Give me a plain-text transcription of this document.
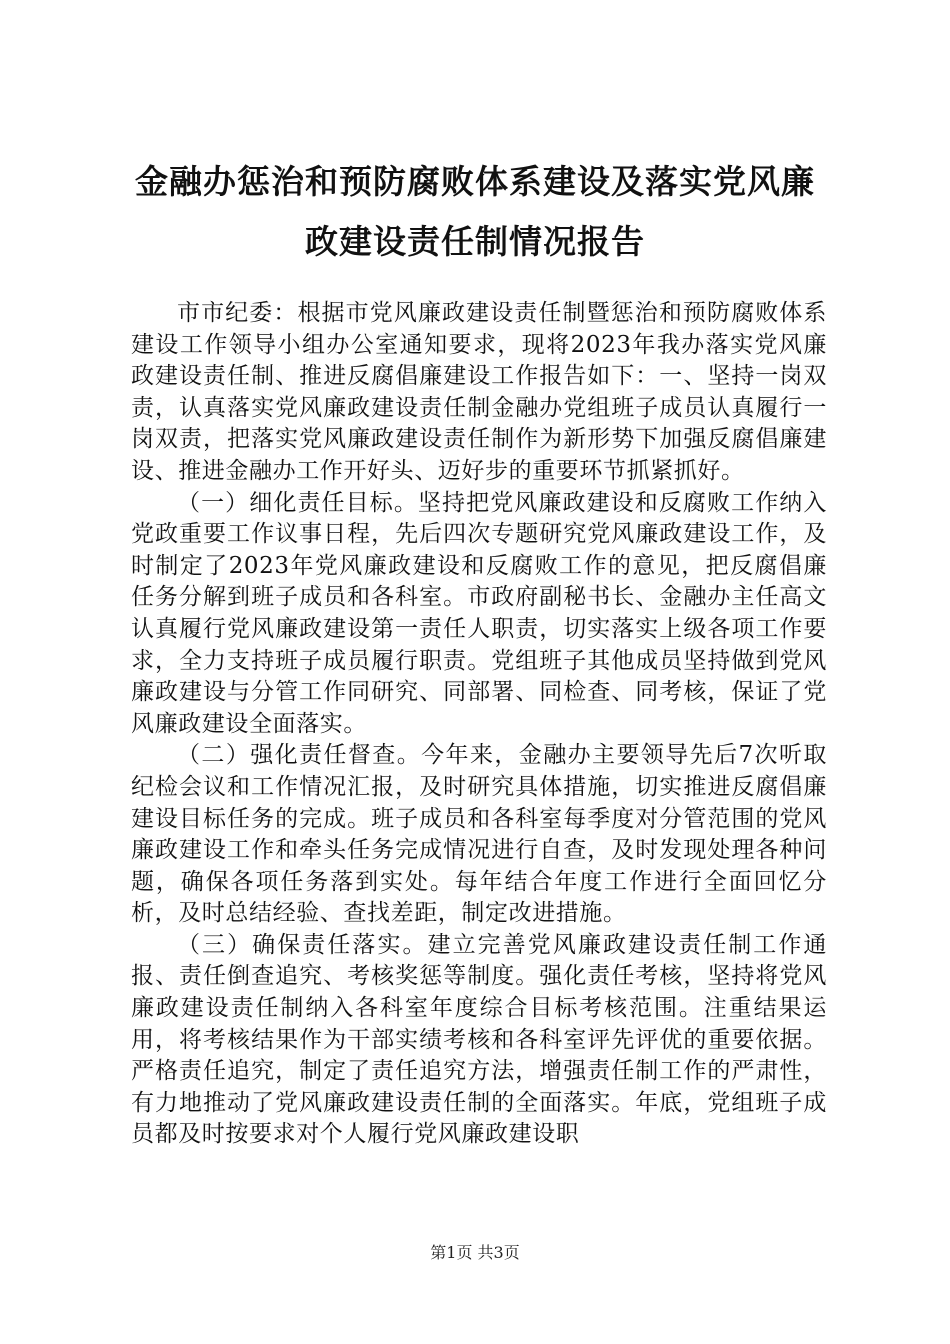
金融办惩治和预防腐败体系建设及落实党风廉
政建设责任制情况报告

市市纪委：根据市党风廉政建设责任制暨惩治和预防腐败体系建设工作领导小组办公室通知要求，现将2023年我办落实党风廉政建设责任制、推进反腐倡廉建设工作报告如下：一、坚持一岗双责，认真落实党风廉政建设责任制金融办党组班子成员认真履行一岗双责，把落实党风廉政建设责任制作为新形势下加强反腐倡廉建设、推进金融办工作开好头、迈好步的重要环节抓紧抓好。

（一）细化责任目标。坚持把党风廉政建设和反腐败工作纳入党政重要工作议事日程，先后四次专题研究党风廉政建设工作，及时制定了2023年党风廉政建设和反腐败工作的意见，把反腐倡廉任务分解到班子成员和各科室。市政府副秘书长、金融办主任高文认真履行党风廉政建设第一责任人职责，切实落实上级各项工作要求，全力支持班子成员履行职责。党组班子其他成员坚持做到党风廉政建设与分管工作同研究、同部署、同检查、同考核，保证了党风廉政建设全面落实。

（二）强化责任督查。今年来，金融办主要领导先后7次听取纪检会议和工作情况汇报，及时研究具体措施，切实推进反腐倡廉建设目标任务的完成。班子成员和各科室每季度对分管范围的党风廉政建设工作和牵头任务完成情况进行自查，及时发现处理各种问题，确保各项任务落到实处。每年结合年度工作进行全面回忆分析，及时总结经验、查找差距，制定改进措施。

（三）确保责任落实。建立完善党风廉政建设责任制工作通报、责任倒查追究、考核奖惩等制度。强化责任考核，坚持将党风廉政建设责任制纳入各科室年度综合目标考核范围。注重结果运用，将考核结果作为干部实绩考核和各科室评先评优的重要依据。严格责任追究，制定了责任追究方法，增强责任制工作的严肃性，有力地推动了党风廉政建设责任制的全面落实。年底，党组班子成员都及时按要求对个人履行党风廉政建设职

第1页 共3页
